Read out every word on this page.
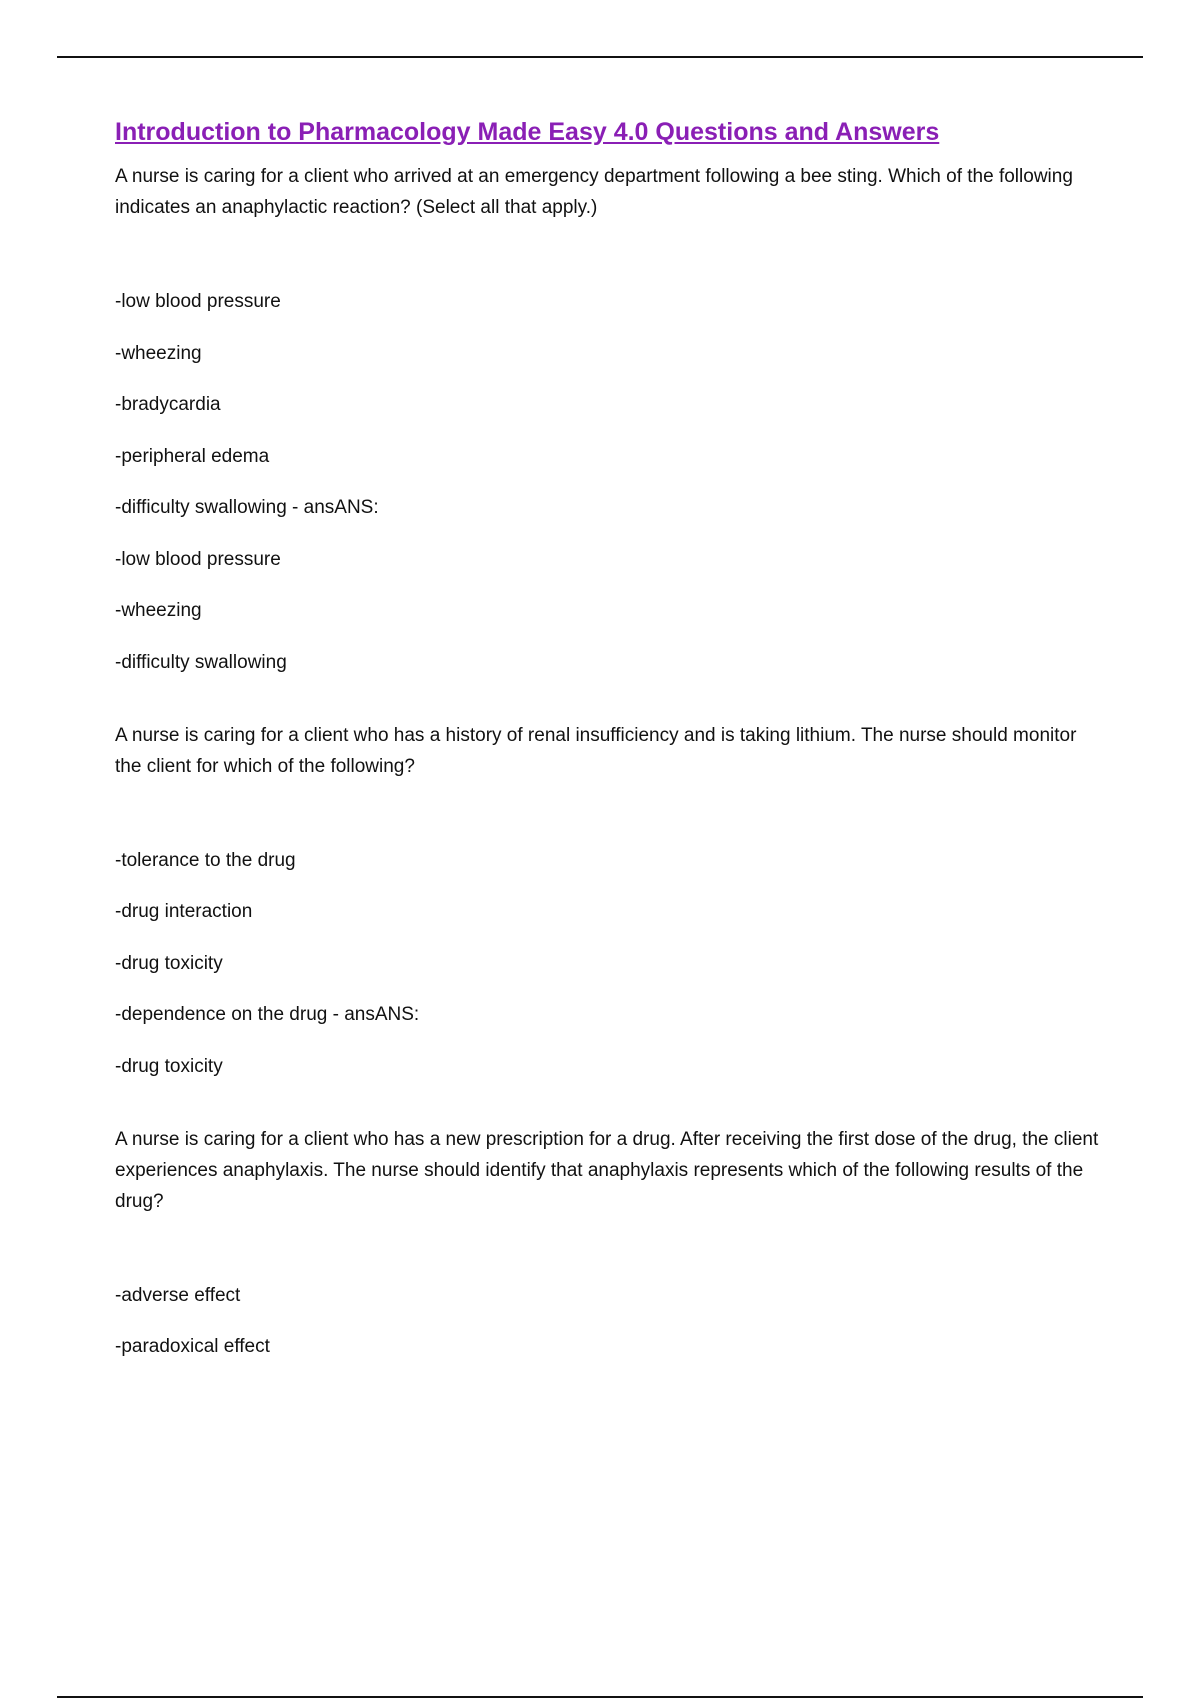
Introduction to Pharmacology Made Easy 4.0 Questions and Answers

A nurse is caring for a client who arrived at an emergency department following a bee sting. Which of the following indicates an anaphylactic reaction? (Select all that apply.)

-low blood pressure
-wheezing
-bradycardia
-peripheral edema
-difficulty swallowing - ansANS:
-low blood pressure
-wheezing
-difficulty swallowing

A nurse is caring for a client who has a history of renal insufficiency and is taking lithium. The nurse should monitor the client for which of the following?

-tolerance to the drug
-drug interaction
-drug toxicity
-dependence on the drug - ansANS:
-drug toxicity

A nurse is caring for a client who has a new prescription for a drug. After receiving the first dose of the drug, the client experiences anaphylaxis. The nurse should identify that anaphylaxis represents which of the following results of the drug?

-adverse effect
-paradoxical effect
